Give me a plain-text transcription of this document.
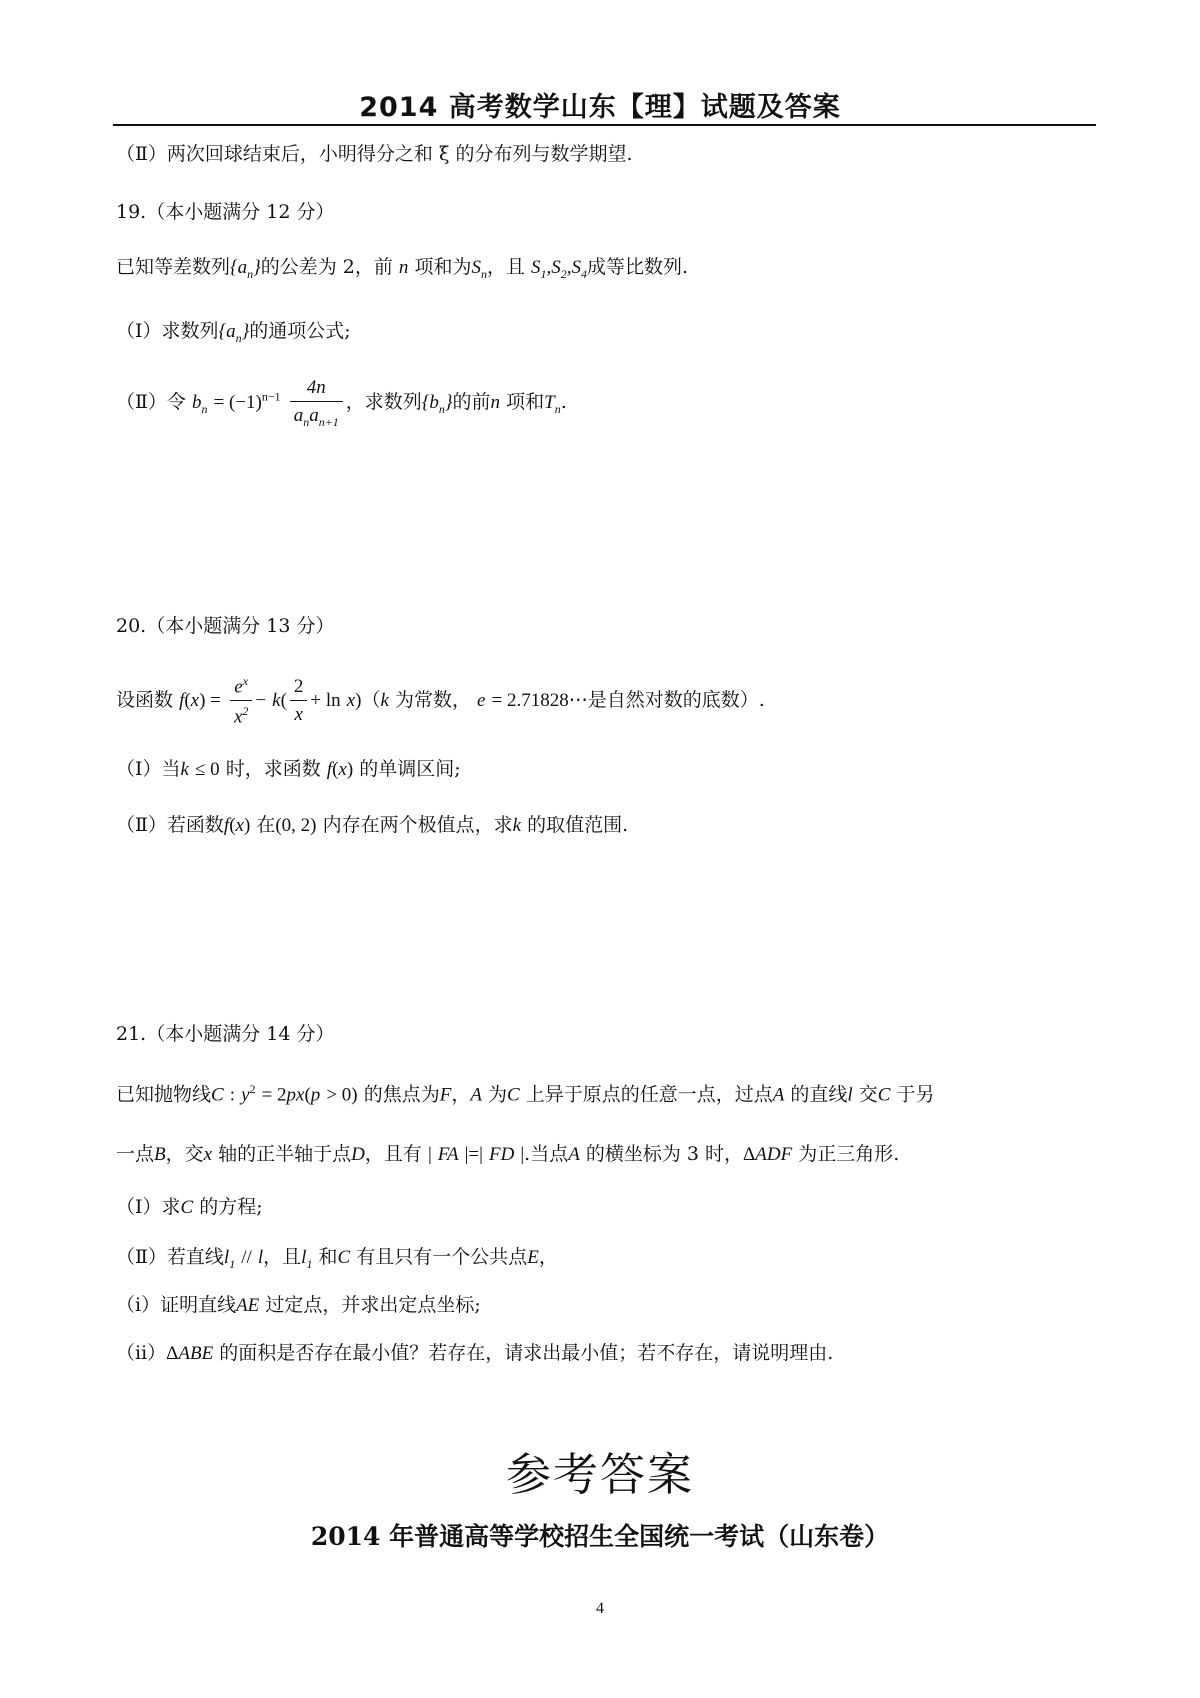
2014 高考数学山东【理】试题及答案
（Ⅱ）两次回球结束后，小明得分之和 ξ 的分布列与数学期望.
19.（本小题满分 12 分）
已知等差数列$\{a_n\}$的公差为 2，前 n 项和为$S_n$，且 $S_1,S_2,S_4$成等比数列.
（Ⅰ）求数列$\{a_n\}$的通项公式;
（Ⅱ）令 $b_n = (-1)^{n-1} \frac{4n}{a_na_{n+1}}$ ，求数列$\{b_n\}$的前n 项和$T_n$.
20.（本小题满分 13 分）
设函数 $f(x) = \frac{e^x}{x^2} - k( \frac{2}{x} + \ln x)(k$ 为常数， e = 2.71828⋯是自然对数的底数）.
（Ⅰ）当k ≤ 0 时，求函数 f(x) 的单调区间;
（Ⅱ）若函数f(x) 在(0, 2) 内存在两个极值点，求k 的取值范围.
21.（本小题满分 14 分）
已知抛物线C : $y^2 = 2px(p > 0)$ 的焦点为F，A 为C 上异于原点的任意一点，过点A 的直线l 交C 于另
一点B，交x 轴的正半轴于点D，且有 | FA |=| FD |.当点A 的横坐标为 3 时，ΔADF 为正三角形.
（Ⅰ）求C 的方程;
（Ⅱ）若直线$l_1$ // l，且$l_1$ 和C 有且只有一个公共点E，
（ⅰ）证明直线AE 过定点，并求出定点坐标;
（ⅱ）ΔABE 的面积是否存在最小值？若存在，请求出最小值；若不存在，请说明理由.
参考答案
2014 年普通高等学校招生全国统一考试（山东卷）
4
